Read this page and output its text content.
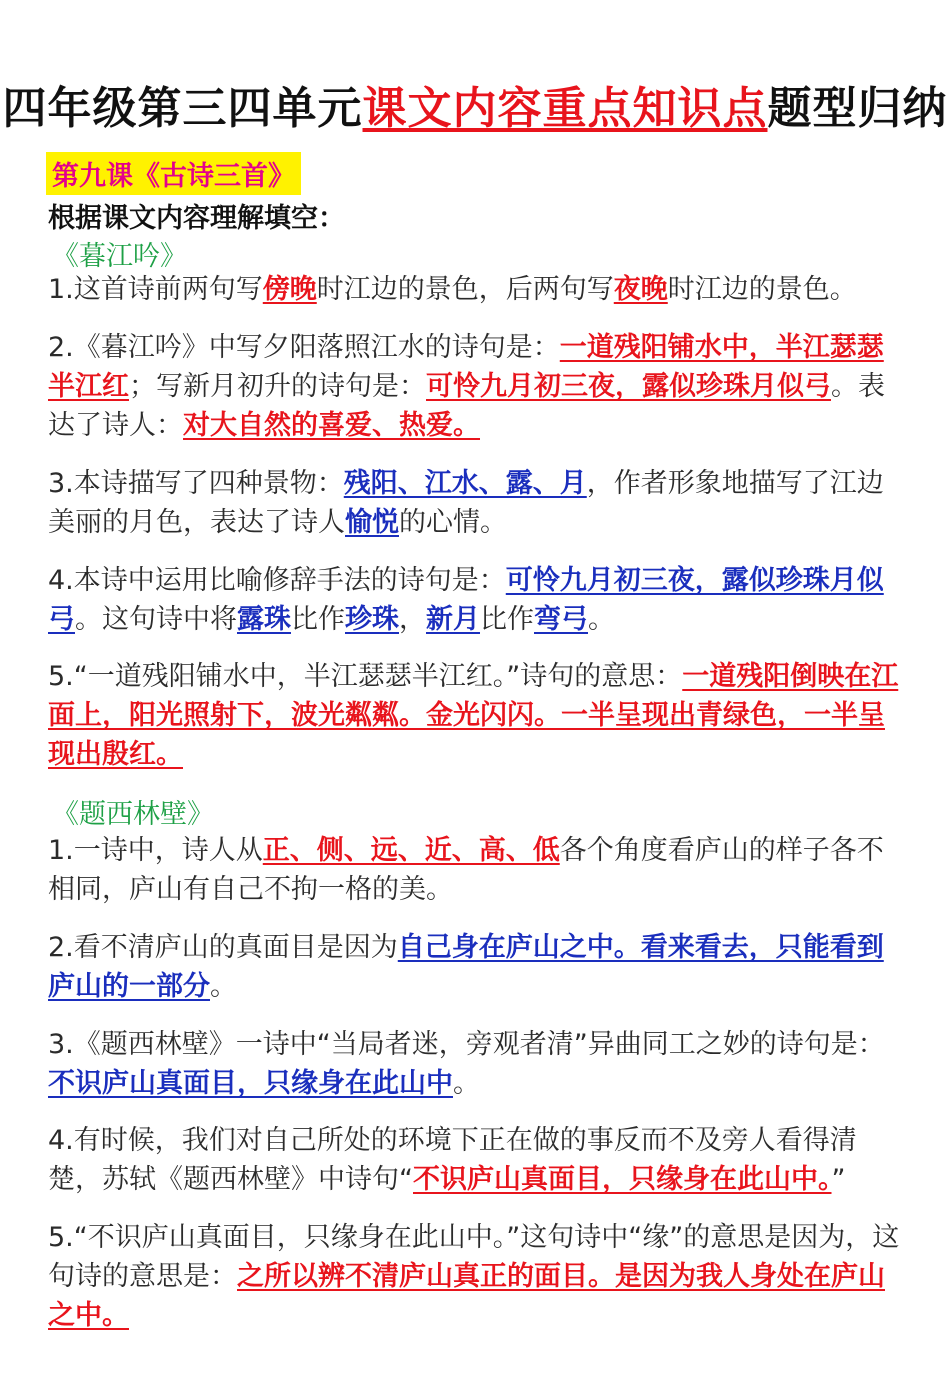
四年级第三四单元课文内容重点知识点题型归纳
第九课《古诗三首》
根据课文内容理解填空：
《暮江吟》
1.这首诗前两句写傍晚时江边的景色，后两句写夜晚时江边的景色。
2.《暮江吟》中写夕阳落照江水的诗句是：一道残阳铺水中，半江瑟瑟半江红；写新月初升的诗句是：可怜九月初三夜，露似珍珠月似弓。表达了诗人：对大自然的喜爱、热爱。
3.本诗描写了四种景物：残阳、江水、露、月，作者形象地描写了江边美丽的月色，表达了诗人愉悦的心情。
4.本诗中运用比喻修辞手法的诗句是：可怜九月初三夜，露似珍珠月似弓。这句诗中将露珠比作珍珠，新月比作弯弓。
5.“一道残阳铺水中，半江瑟瑟半江红。”诗句的意思：一道残阳倒映在江面上，阳光照射下，波光粼粼。金光闪闪。一半呈现出青绿色，一半呈现出殷红。
《题西林壁》
1.一诗中，诗人从正、侧、远、近、高、低各个角度看庐山的样子各不相同，庐山有自己不拘一格的美。
2.看不清庐山的真面目是因为自己身在庐山之中。看来看去，只能看到庐山的一部分。
3.《题西林壁》一诗中“当局者迷，旁观者清”异曲同工之妙的诗句是：不识庐山真面目，只缘身在此山中。
4.有时候，我们对自己所处的环境下正在做的事反而不及旁人看得清楚，苏轼《题西林壁》中诗句“不识庐山真面目，只缘身在此山中。”
5.“不识庐山真面目，只缘身在此山中。”这句诗中“缘”的意思是因为，这句诗的意思是：之所以辨不清庐山真正的面目。是因为我人身处在庐山之中。
